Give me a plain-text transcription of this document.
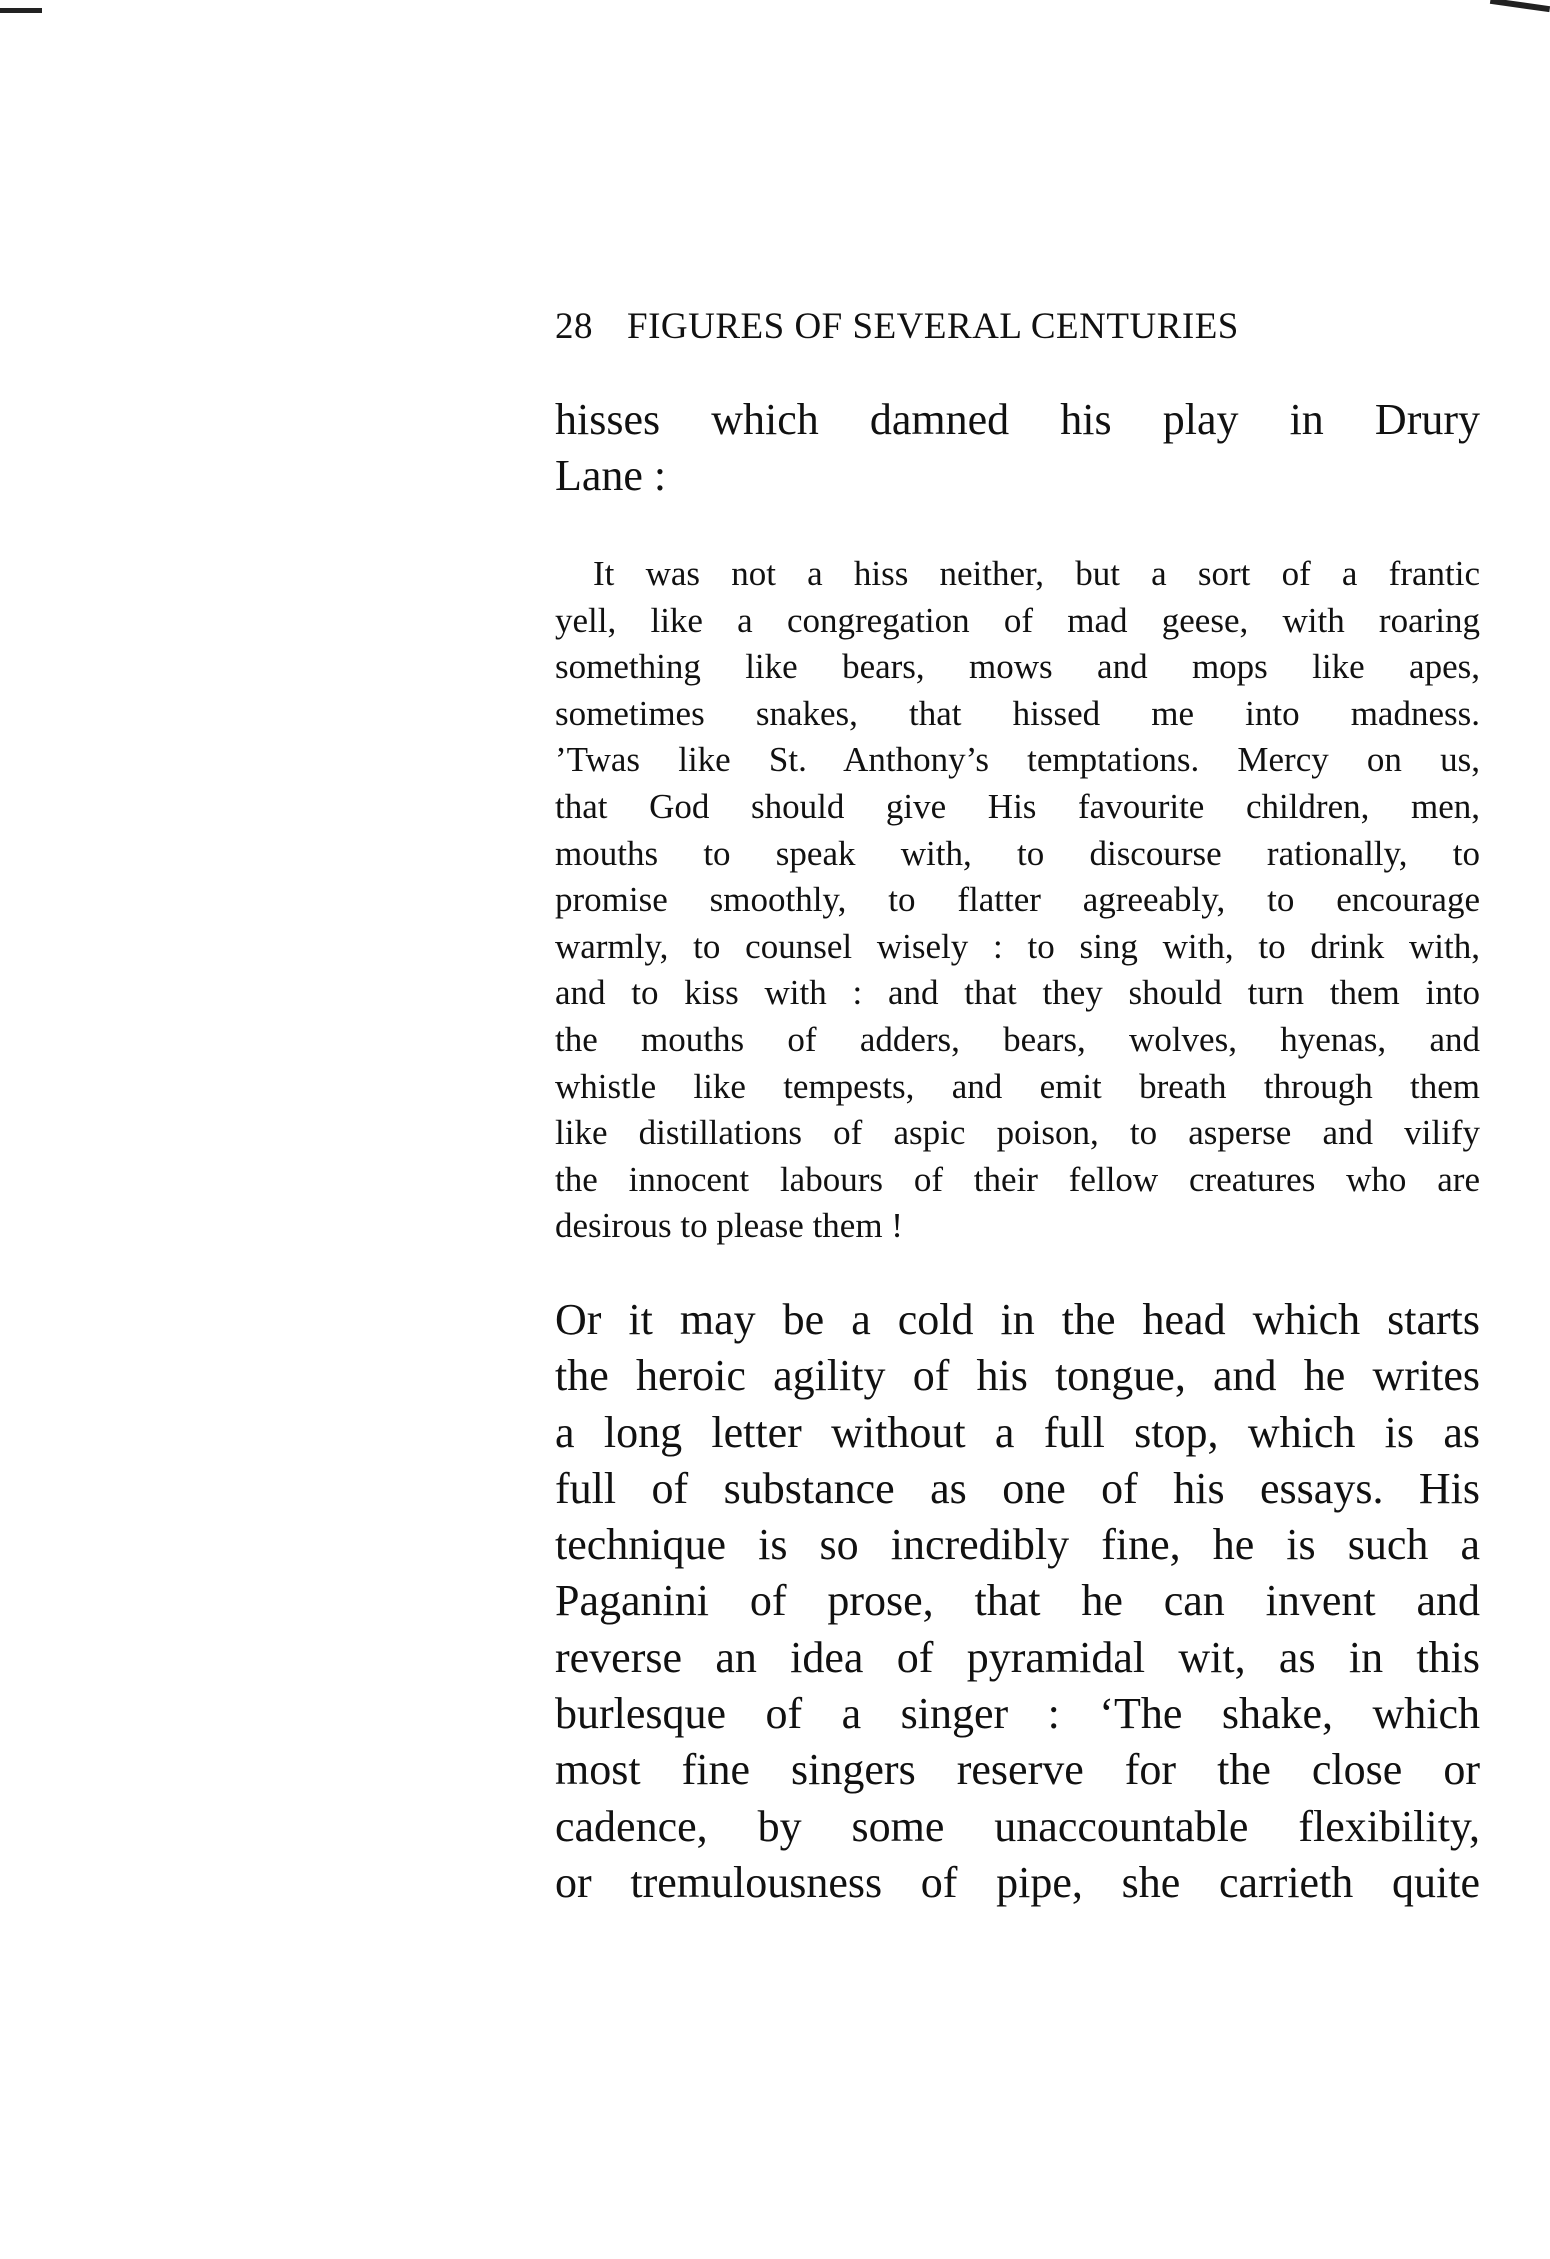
28 FIGURES OF SEVERAL CENTURIES
hisses which damned his play in Drury
Lane :
It was not a hiss neither, but a sort of a frantic
yell, like a congregation of mad geese, with roaring
something like bears, mows and mops like apes,
sometimes snakes, that hissed me into madness.
’Twas like St. Anthony’s temptations. Mercy on us,
that God should give His favourite children, men,
mouths to speak with, to discourse rationally, to
promise smoothly, to flatter agreeably, to encourage
warmly, to counsel wisely : to sing with, to drink with,
and to kiss with : and that they should turn them into
the mouths of adders, bears, wolves, hyenas, and
whistle like tempests, and emit breath through them
like distillations of aspic poison, to asperse and vilify
the innocent labours of their fellow creatures who are
desirous to please them !
Or it may be a cold in the head which starts
the heroic agility of his tongue, and he writes
a long letter without a full stop, which is as
full of substance as one of his essays. His
technique is so incredibly fine, he is such a
Paganini of prose, that he can invent and
reverse an idea of pyramidal wit, as in this
burlesque of a singer : ‘The shake, which
most fine singers reserve for the close or
cadence, by some unaccountable flexibility,
or tremulousness of pipe, she carrieth quite
